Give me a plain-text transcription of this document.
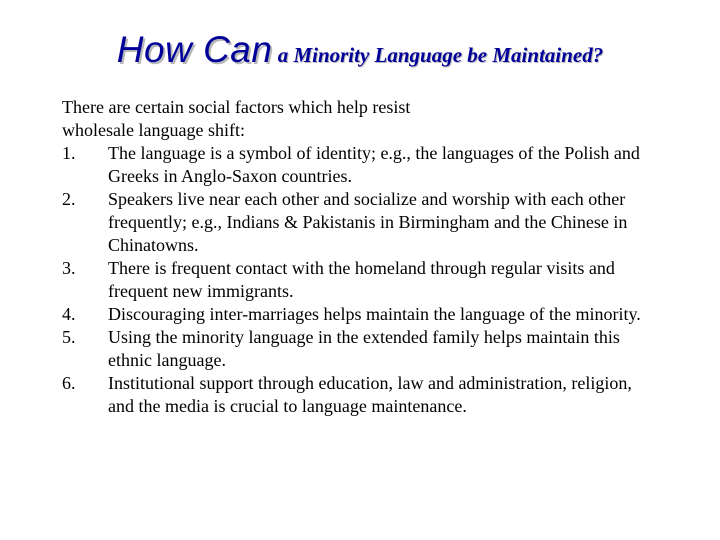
How Can a Minority Language be Maintained?

There are certain social factors which help resist wholesale language shift:

1.	The language is a symbol of identity; e.g., the languages of the Polish and Greeks in Anglo-Saxon countries.
2.	Speakers live near each other and socialize and worship with each other frequently; e.g., Indians & Pakistanis in Birmingham and the Chinese in Chinatowns.
3.	There is frequent contact with the homeland through regular visits and frequent new immigrants.
4.	Discouraging inter-marriages helps maintain the language of the minority.
5.	Using the minority language in the extended family helps maintain this ethnic language.
6.	Institutional support through education, law and administration, religion, and the media is crucial to language maintenance.
